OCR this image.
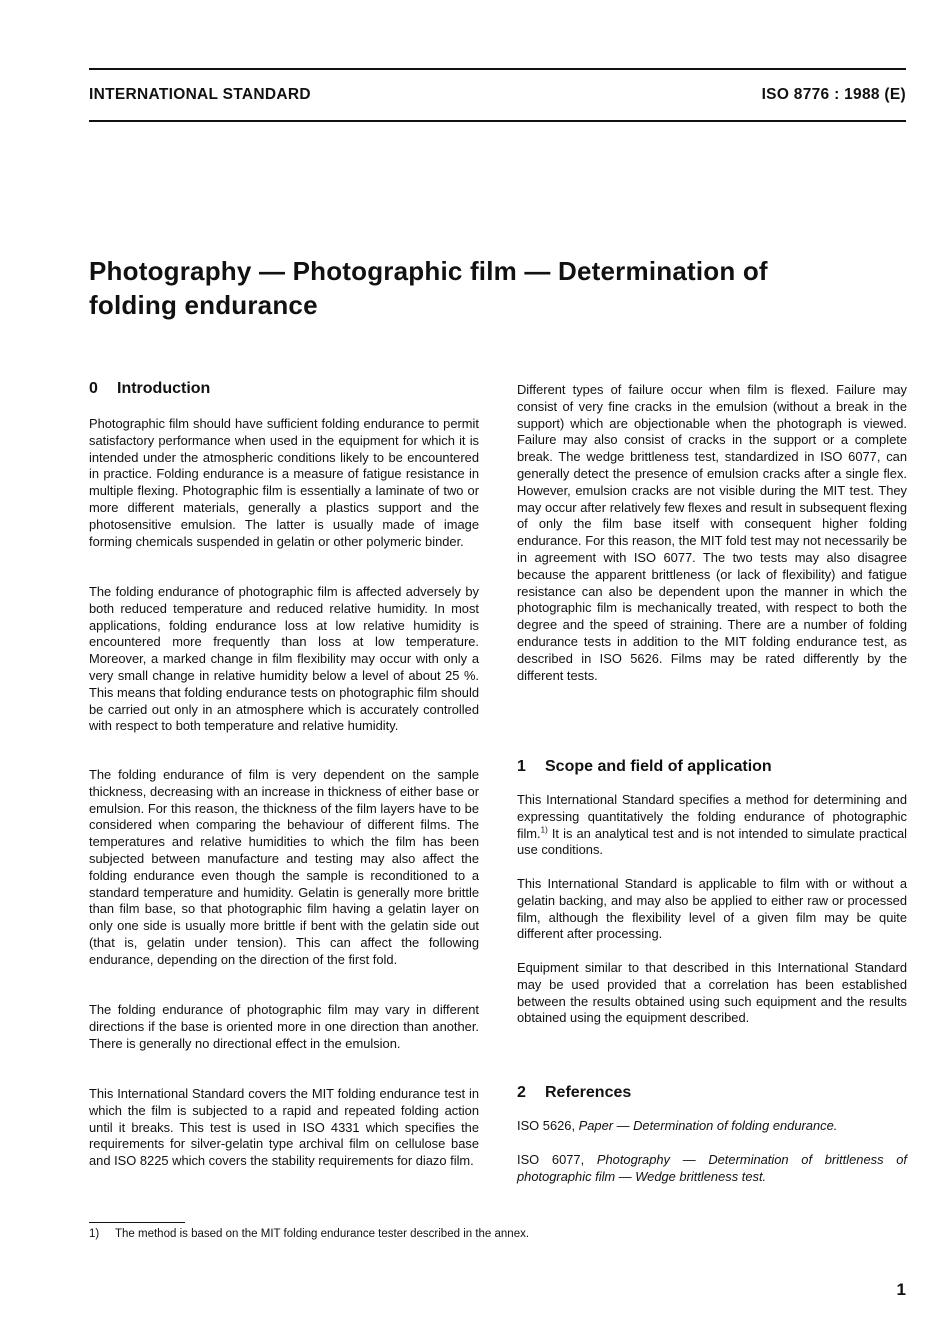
INTERNATIONAL STANDARD	ISO 8776 : 1988 (E)
Photography — Photographic film — Determination of
folding endurance
0 Introduction

Photographic film should have sufficient folding endurance to permit satisfactory performance when used in the equipment for which it is intended under the atmospheric conditions likely to be encountered in practice. Folding endurance is a measure of fatigue resistance in multiple flexing. Photographic film is essentially a laminate of two or more different materials, generally a plastics support and the photosensitive emulsion. The latter is usually made of image forming chemicals suspended in gelatin or other polymeric binder.

The folding endurance of photographic film is affected adversely by both reduced temperature and reduced relative humidity. In most applications, folding endurance loss at low relative humidity is encountered more frequently than loss at low temperature. Moreover, a marked change in film flexibility may occur with only a very small change in relative humidity below a level of about 25 %. This means that folding endurance tests on photographic film should be carried out only in an atmosphere which is accurately controlled with respect to both temperature and relative humidity.

The folding endurance of film is very dependent on the sample thickness, decreasing with an increase in thickness of either base or emulsion. For this reason, the thickness of the film layers have to be considered when comparing the behaviour of different films. The temperatures and relative humidities to which the film has been subjected between manufacture and testing may also affect the folding endurance even though the sample is reconditioned to a standard temperature and humidity. Gelatin is generally more brittle than film base, so that photographic film having a gelatin layer on only one side is usually more brittle if bent with the gelatin side out (that is, gelatin under tension). This can affect the following endurance, depending on the direction of the first fold.

The folding endurance of photographic film may vary in different directions if the base is oriented more in one direction than another. There is generally no directional effect in the emulsion.

This International Standard covers the MIT folding endurance test in which the film is subjected to a rapid and repeated folding action until it breaks. This test is used in ISO 4331 which specifies the requirements for silver-gelatin type archival film on cellulose base and ISO 8225 which covers the stability requirements for diazo film.

Different types of failure occur when film is flexed. Failure may consist of very fine cracks in the emulsion (without a break in the support) which are objectionable when the photograph is viewed. Failure may also consist of cracks in the support or a complete break. The wedge brittleness test, standardized in ISO 6077, can generally detect the presence of emulsion cracks after a single flex. However, emulsion cracks are not visible during the MIT test. They may occur after relatively few flexes and result in subsequent flexing of only the film base itself with consequent higher folding endurance. For this reason, the MIT fold test may not necessarily be in agreement with ISO 6077. The two tests may also disagree because the apparent brittleness (or lack of flexibility) and fatigue resistance can also be dependent upon the manner in which the photographic film is mechanically treated, with respect to both the degree and the speed of straining. There are a number of folding endurance tests in addition to the MIT folding endurance test, as described in ISO 5626. Films may be rated differently by the different tests.

1 Scope and field of application

This International Standard specifies a method for determining and expressing quantitatively the folding endurance of photographic film.$^{1)}$ It is an analytical test and is not intended to simulate practical use conditions.

This International Standard is applicable to film with or without a gelatin backing, and may also be applied to either raw or processed film, although the flexibility level of a given film may be quite different after processing.

Equipment similar to that described in this International Standard may be used provided that a correlation has been established between the results obtained using such equipment and the results obtained using the equipment described.

2 References

ISO 5626, Paper — Determination of folding endurance.

ISO 6077, Photography — Determination of brittleness of photographic film — Wedge brittleness test.

1) The method is based on the MIT folding endurance tester described in the annex.
1
